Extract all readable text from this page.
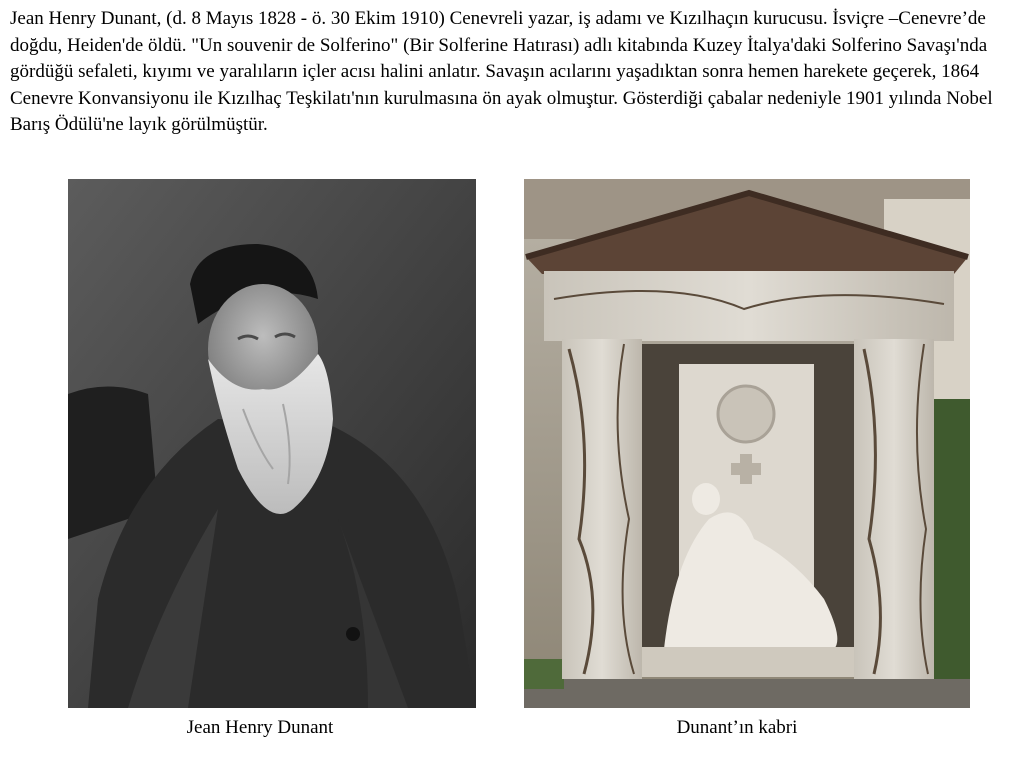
Jean Henry Dunant, (d. 8 Mayıs 1828 - ö. 30 Ekim 1910) Cenevreli yazar, iş adamı ve Kızılhaçın kurucusu. İsviçre –Cenevre’de doğdu, Heiden'de öldü. "Un souvenir de Solferino" (Bir Solferine Hatırası) adlı kitabında Kuzey İtalya'daki Solferino Savaşı'nda gördüğü sefaleti, kıyımı ve yaralıların içler acısı halini anlatır. Savaşın acılarını yaşadıktan sonra hemen harekete geçerek, 1864 Cenevre Konvansiyonu ile Kızılhaç Teşkilatı'nın kurulmasına ön ayak olmuştur. Gösterdiği çabalar nedeniyle 1901 yılında Nobel Barış Ödülü'ne layık görülmüştür.

Jean Henry Dunant	Dunant’ın kabri
